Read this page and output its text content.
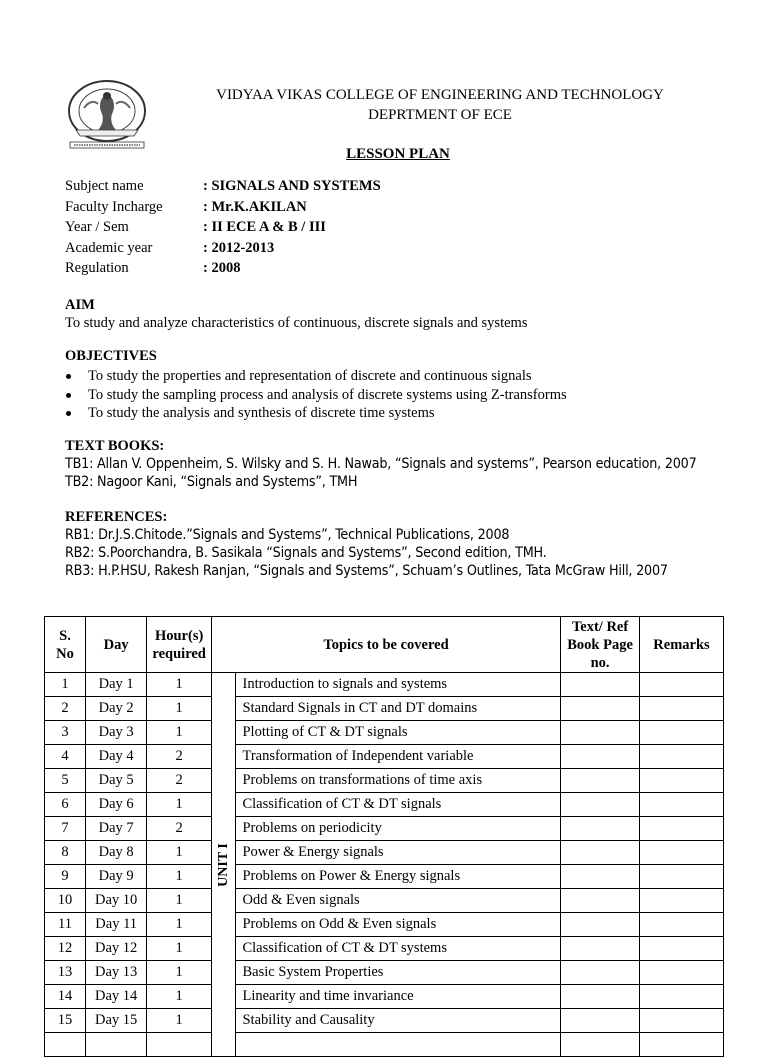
VIDYAA VIKAS COLLEGE OF ENGINEERING AND TECHNOLOGY
DEPRTMENT OF ECE
LESSON PLAN
Subject name	: SIGNALS AND SYSTEMS
Faculty Incharge	: Mr.K.AKILAN
Year / Sem	: II ECE A & B / III
Academic year	: 2012-2013
Regulation	: 2008
AIM
To study and analyze characteristics of continuous, discrete signals and systems
OBJECTIVES
To study the properties and representation of discrete and continuous signals
To study the sampling process and analysis of discrete systems using Z-transforms
To study the analysis and synthesis of discrete time systems
TEXT BOOKS:
TB1: Allan V. Oppenheim, S. Wilsky and S. H. Nawab, “Signals and systems”, Pearson education, 2007
TB2: Nagoor Kani, “Signals and Systems”, TMH
REFERENCES:
RB1: Dr.J.S.Chitode.”Signals and Systems”, Technical Publications, 2008
RB2: S.Poorchandra, B. Sasikala “Signals and Systems”, Second edition, TMH.
RB3: H.P.HSU, Rakesh Ranjan, “Signals and Systems”, Schuam’s Outlines, Tata McGraw Hill, 2007
S. No	Day	Hour(s) required	Topics to be covered		Text/ Ref Book Page no.	Remarks
1	Day 1	1	UNIT I	Introduction to signals and systems		
2	Day 2	1		Standard Signals in CT and DT domains		
3	Day 3	1		Plotting of CT & DT signals		
4	Day 4	2		Transformation of Independent variable		
5	Day 5	2		Problems on transformations of time axis		
6	Day 6	1		Classification of CT & DT signals		
7	Day 7	2		Problems on periodicity		
8	Day 8	1		Power & Energy signals		
9	Day 9	1		Problems on Power & Energy signals		
10	Day 10	1		Odd & Even signals		
11	Day 11	1		Problems on Odd & Even signals		
12	Day 12	1		Classification of CT & DT systems		
13	Day 13	1		Basic System Properties		
14	Day 14	1		Linearity and time invariance		
15	Day 15	1		Stability and Causality		
